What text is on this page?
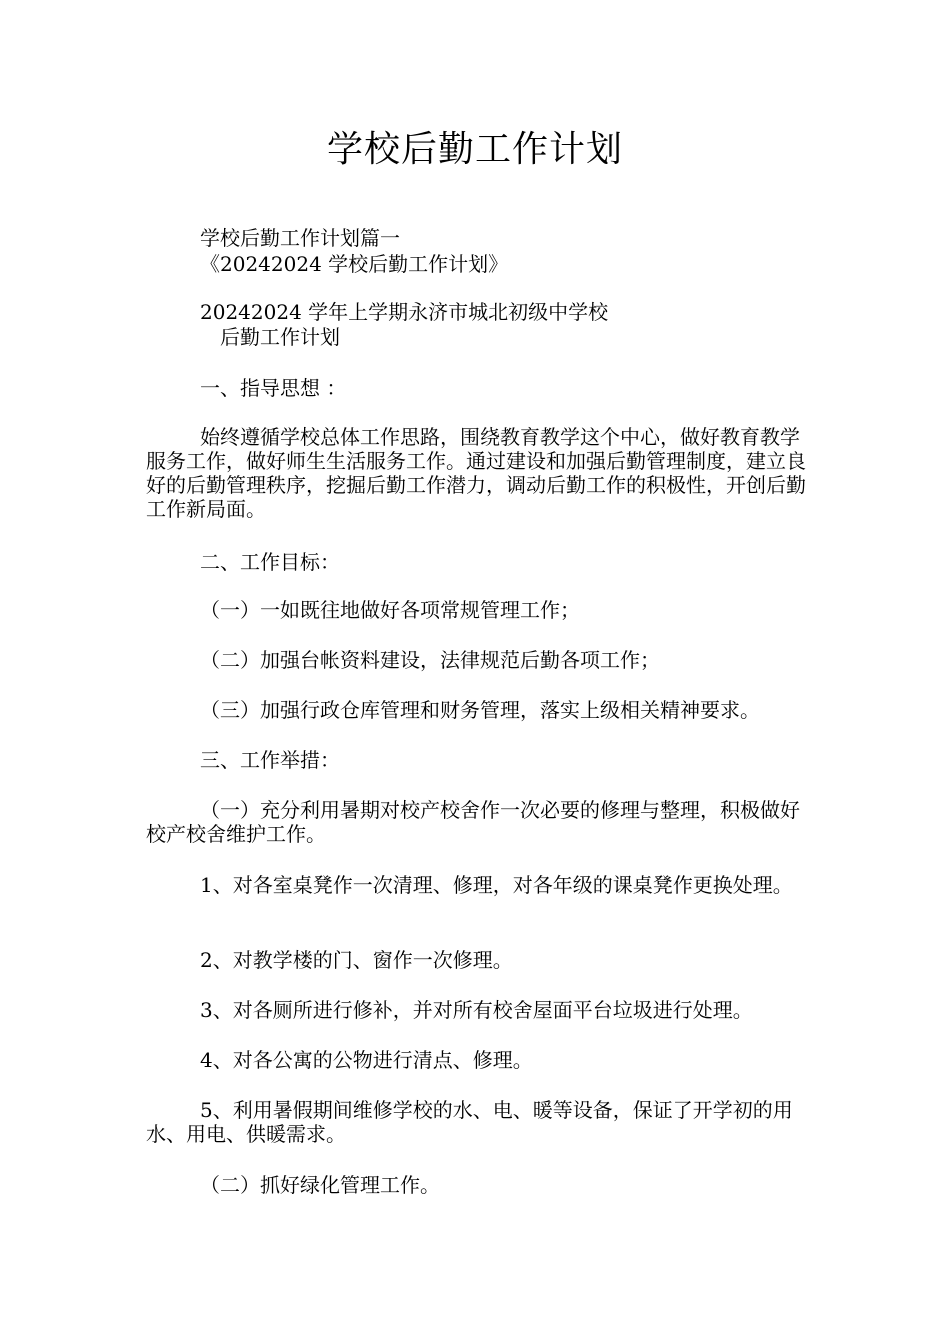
学校后勤工作计划

学校后勤工作计划篇一

《20242024 学校后勤工作计划》

20242024 学年上学期永济市城北初级中学校

后勤工作计划

一、指导思想 ：

始终遵循学校总体工作思路，围绕教育教学这个中心，做好教育教学服务工作，做好师生生活服务工作。通过建设和加强后勤管理制度，建立良好的后勤管理秩序，挖掘后勤工作潜力，调动后勤工作的积极性，开创后勤工作新局面。

二、工作目标：

（一）一如既往地做好各项常规管理工作；

（二）加强台帐资料建设，法律规范后勤各项工作；

（三）加强行政仓库管理和财务管理，落实上级相关精神要求。

三、工作举措：

（一）充分利用暑期对校产校舍作一次必要的修理与整理，积极做好校产校舍维护工作。

1、对各室桌凳作一次清理、修理，对各年级的课桌凳作更换处理。

2、对教学楼的门、窗作一次修理。

3、对各厕所进行修补，并对所有校舍屋面平台垃圾进行处理。

4、对各公寓的公物进行清点、修理。

5、利用暑假期间维修学校的水、电、暖等设备，保证了开学初的用水、用电、供暖需求。

（二）抓好绿化管理工作。
